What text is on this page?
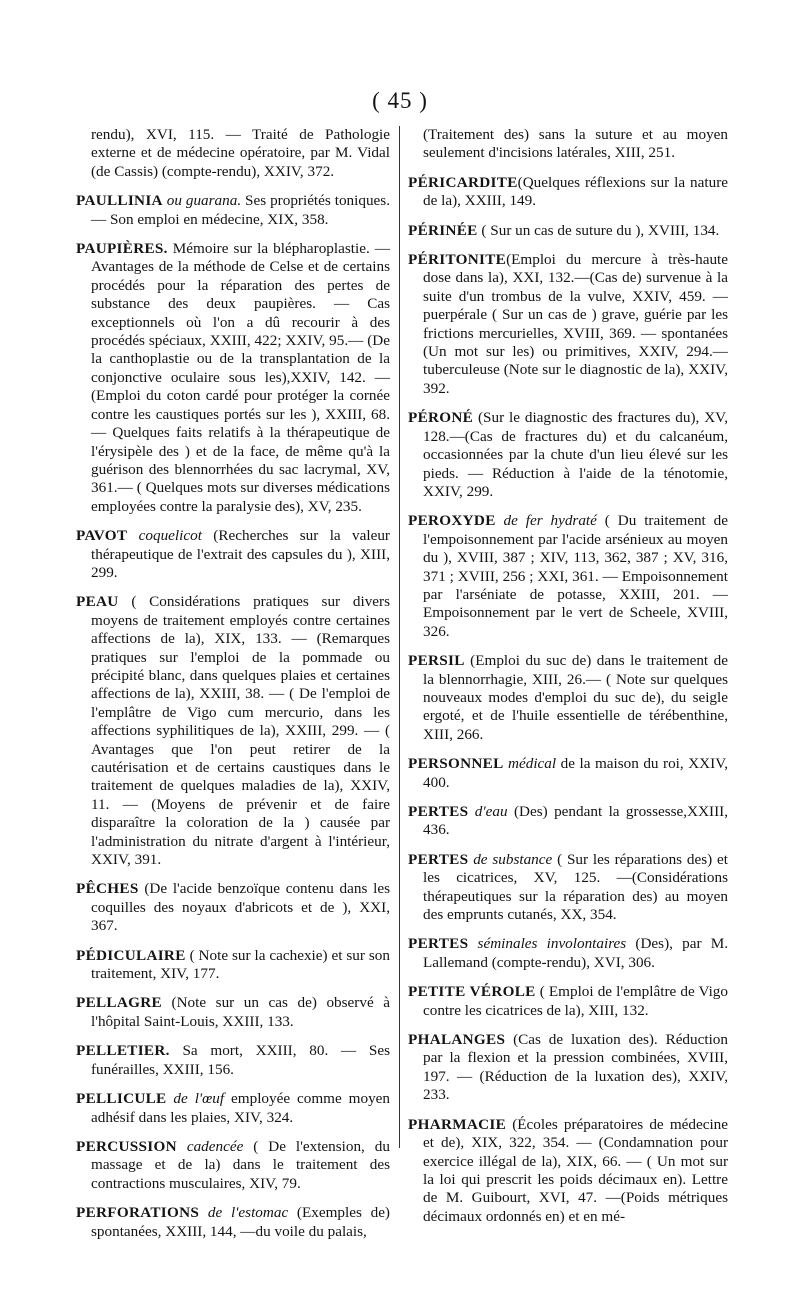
( 45 )

rendu), XVI, 115. — Traité de Pathologie externe et de médecine opératoire, par M. Vidal (de Cassis) (compte-rendu), XXIV, 372.

PAULLINIA ou guarana. Ses propriétés toniques. — Son emploi en médecine, XIX, 358.

PAUPIÈRES. Mémoire sur la blépharoplastie. — Avantages de la méthode de Celse et de certains procédés pour la réparation des pertes de substance des deux paupières. — Cas exceptionnels où l'on a dû recourir à des procédés spéciaux, XXIII, 422; XXIV, 95.— (De la canthoplastie ou de la transplantation de la conjonctive oculaire sous les),XXIV, 142. —(Emploi du coton cardé pour protéger la cornée contre les caustiques portés sur les ), XXIII, 68. — Quelques faits relatifs à la thérapeutique de l'érysipèle des ) et de la face, de même qu'à la guérison des blennorrhées du sac lacrymal, XV, 361.— ( Quelques mots sur diverses médications employées contre la paralysie des), XV, 235.

PAVOT coquelicot (Recherches sur la valeur thérapeutique de l'extrait des capsules du ), XIII, 299.

PEAU ( Considérations pratiques sur divers moyens de traitement employés contre certaines affections de la), XIX, 133. — (Remarques pratiques sur l'emploi de la pommade ou précipité blanc, dans quelques plaies et certaines affections de la), XXIII, 38. — ( De l'emploi de l'emplâtre de Vigo cum mercurio, dans les affections syphilitiques de la), XXIII, 299. — ( Avantages que l'on peut retirer de la cautérisation et de certains caustiques dans le traitement de quelques maladies de la), XXIV, 11. — (Moyens de prévenir et de faire disparaître la coloration de la ) causée par l'administration du nitrate d'argent à l'intérieur, XXIV, 391.

PÊCHES (De l'acide benzoïque contenu dans les coquilles des noyaux d'abricots et de ), XXI, 367.

PÉDICULAIRE ( Note sur la cachexie) et sur son traitement, XIV, 177.

PELLAGRE (Note sur un cas de) observé à l'hôpital Saint-Louis, XXIII, 133.

PELLETIER. Sa mort, XXIII, 80. — Ses funérailles, XXIII, 156.

PELLICULE de l'œuf employée comme moyen adhésif dans les plaies, XIV, 324.

PERCUSSION cadencée ( De l'extension, du massage et de la) dans le traitement des contractions musculaires, XIV, 79.

PERFORATIONS de l'estomac (Exemples de) spontanées, XXIII, 144, —du voile du palais,

(Traitement des) sans la suture et au moyen seulement d'incisions latérales, XIII, 251.

PÉRICARDITE(Quelques réflexions sur la nature de la), XXIII, 149.

PÉRINÉE ( Sur un cas de suture du ), XVIII, 134.

PÉRITONITE(Emploi du mercure à très-haute dose dans la), XXI, 132.—(Cas de) survenue à la suite d'un trombus de la vulve, XXIV, 459. — puerpérale ( Sur un cas de ) grave, guérie par les frictions mercurielles, XVIII, 369. — spontanées (Un mot sur les) ou primitives, XXIV, 294.— tuberculeuse (Note sur le diagnostic de la), XXIV, 392.

PÉRONÉ (Sur le diagnostic des fractures du), XV, 128.—(Cas de fractures du) et du calcanéum, occasionnées par la chute d'un lieu élevé sur les pieds. — Réduction à l'aide de la ténotomie, XXIV, 299.

PEROXYDE de fer hydraté ( Du traitement de l'empoisonnement par l'acide arsénieux au moyen du ), XVIII, 387 ; XIV, 113, 362, 387 ; XV, 316, 371 ; XVIII, 256 ; XXI, 361. — Empoisonnement par l'arséniate de potasse, XXIII, 201. — Empoisonnement par le vert de Scheele, XVIII, 326.

PERSIL (Emploi du suc de) dans le traitement de la blennorrhagie, XIII, 26.— ( Note sur quelques nouveaux modes d'emploi du suc de), du seigle ergoté, et de l'huile essentielle de térébenthine, XIII, 266.

PERSONNEL médical de la maison du roi, XXIV, 400.

PERTES d'eau (Des) pendant la grossesse,XXIII, 436.

PERTES de substance ( Sur les réparations des) et les cicatrices, XV, 125. —(Considérations thérapeutiques sur la réparation des) au moyen des emprunts cutanés, XX, 354.

PERTES séminales involontaires (Des), par M. Lallemand (compte-rendu), XVI, 306.

PETITE VÉROLE ( Emploi de l'emplâtre de Vigo contre les cicatrices de la), XIII, 132.

PHALANGES (Cas de luxation des). Réduction par la flexion et la pression combinées, XVIII, 197. — (Réduction de la luxation des), XXIV, 233.

PHARMACIE (Écoles préparatoires de médecine et de), XIX, 322, 354. — (Condamnation pour exercice illégal de la), XIX, 66. — ( Un mot sur la loi qui prescrit les poids décimaux en). Lettre de M. Guibourt, XVI, 47. —(Poids métriques décimaux ordonnés en) et en mé-
